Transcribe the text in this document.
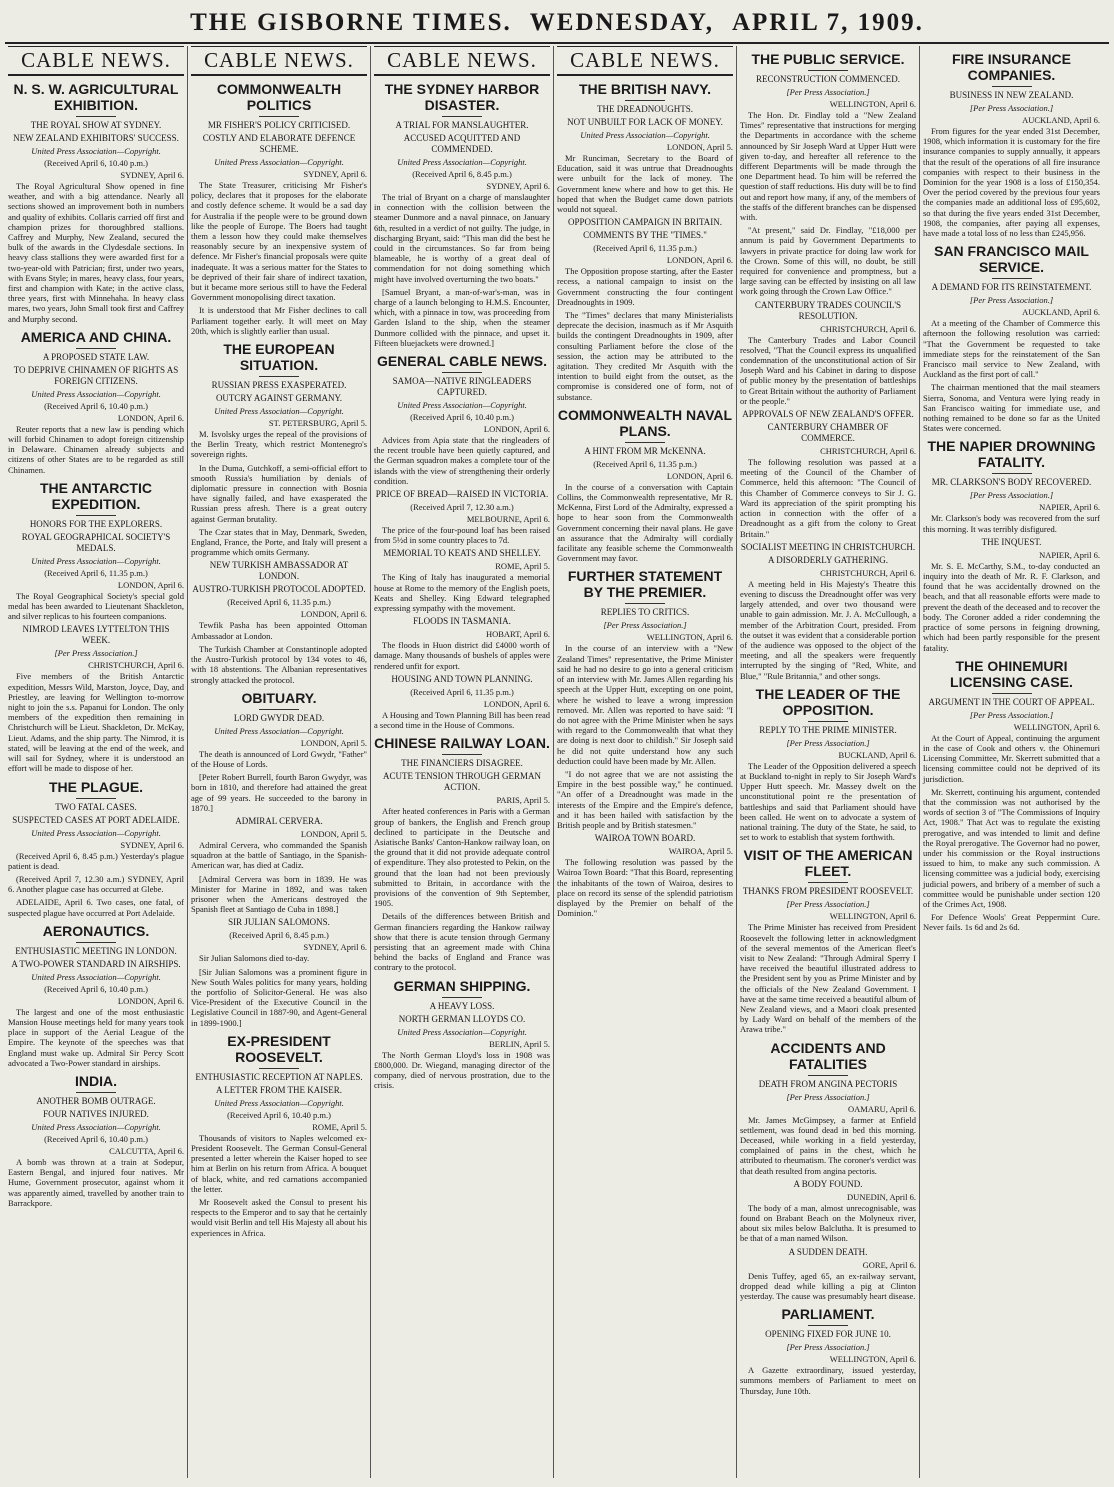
THE GISBORNE TIMES. WEDNESDAY, APRIL 7, 1909.
CABLE NEWS.
N. S. W. AGRICULTURAL EXHIBITION.
THE ROYAL SHOW AT SYDNEY.
NEW ZEALAND EXHIBITORS' SUCCESS.
United Press Association—Copyright.
(Received April 6, 10.40 p.m.)
SYDNEY, April 6.

The Royal Agricultural Show opened in fine weather, and with a big attendance. Nearly all sections showed an improvement both in numbers and quality of exhibits. Collaris carried off first and champion prizes for thoroughbred stallions. Caffrey and Murphy, New Zealand, secured the bulk of the awards in the Clydesdale sections. In heavy class stallions they were awarded first for a two-year-old with Patrician; first, under two years, with Evans Style; in mares, heavy class, four years, first and champion with Kate; in the active class, three years, first with Minnehaha. In heavy class mares, two years, John Small took first and Caffrey and Murphy second.

AMERICA AND CHINA.
A PROPOSED STATE LAW.
TO DEPRIVE CHINAMEN OF RIGHTS AS FOREIGN CITIZENS.
United Press Association—Copyright.
(Received April 6, 10.40 p.m.)
LONDON, April 6.

Reuter reports that a new law is pending which will forbid Chinamen to adopt foreign citizenship in Delaware. Chinamen already subjects and citizens of other States are to be regarded as still Chinamen.

THE ANTARCTIC EXPEDITION.
HONORS FOR THE EXPLORERS.
ROYAL GEOGRAPHICAL SOCIETY'S MEDALS.
United Press Association—Copyright.
(Received April 6, 11.35 p.m.)
LONDON, April 6.

The Royal Geographical Society's special gold medal has been awarded to Lieutenant Shackleton, and silver replicas to his fourteen companions.

NIMROD LEAVES LYTTELTON THIS WEEK.
[Per Press Association.]
CHRISTCHURCH, April 6.

Five members of the British Antarctic expedition, Messrs Wild, Marston, Joyce, Day, and Priestley, are leaving for Wellington to-morrow night to join the s.s. Papanui for London. The only members of the expedition then remaining in Christchurch will be Lieut. Shackleton, Dr. McKay, Lieut. Adams, and the ship party. The Nimrod, it is stated, will be leaving at the end of the week, and will sail for Sydney, where it is understood an effort will be made to dispose of her.

THE PLAGUE.
TWO FATAL CASES.
SUSPECTED CASES AT PORT ADELAIDE.
United Press Association—Copyright.
SYDNEY, April 6.

(Received April 6, 8.45 p.m.) Yesterday's plague patient is dead.

(Received April 7, 12.30 a.m.) SYDNEY, April 6. Another plague case has occurred at Glebe.

ADELAIDE, April 6. Two cases, one fatal, of suspected plague have occurred at Port Adelaide.

AERONAUTICS.
ENTHUSIASTIC MEETING IN LONDON.
A TWO-POWER STANDARD IN AIRSHIPS.
United Press Association—Copyright.
(Received April 6, 10.40 p.m.)
LONDON, April 6.

The largest and one of the most enthusiastic Mansion House meetings held for many years took place in support of the Aerial League of the Empire. The keynote of the speeches was that England must wake up. Admiral Sir Percy Scott advocated a Two-Power standard in airships.

INDIA.
ANOTHER BOMB OUTRAGE.
FOUR NATIVES INJURED.
United Press Association—Copyright.
(Received April 6, 10.40 p.m.)
CALCUTTA, April 6.

A bomb was thrown at a train at Sodepur, Eastern Bengal, and injured four natives. Mr Hume, Government prosecutor, against whom it was apparently aimed, travelled by another train to Barrackpore.

CABLE NEWS.
COMMONWEALTH POLITICS
MR FISHER'S POLICY CRITICISED.
COSTLY AND ELABORATE DEFENCE SCHEME.
United Press Association—Copyright.
SYDNEY, April 6.

The State Treasurer, criticising Mr Fisher's policy, declares that it proposes for the elaborate and costly defence scheme. It would be a sad day for Australia if the people were to be ground down like the people of Europe. The Boers had taught them a lesson how they could make themselves reasonably secure by an inexpensive system of defence. Mr Fisher's financial proposals were quite inadequate. It was a serious matter for the States to be deprived of their fair share of indirect taxation, but it became more serious still to have the Federal Government monopolising direct taxation.

It is understood that Mr Fisher declines to call Parliament together early. It will meet on May 20th, which is slightly earlier than usual.

THE EUROPEAN SITUATION.
RUSSIAN PRESS EXASPERATED.
OUTCRY AGAINST GERMANY.
United Press Association—Copyright.
ST. PETERSBURG, April 5.

M. Isvolsky urges the repeal of the provisions of the Berlin Treaty, which restrict Montenegro's sovereign rights.

In the Duma, Gutchkoff, a semi-official effort to smooth Russia's humiliation by denials of diplomatic pressure in connection with Bosnia have signally failed, and have exasperated the Russian press afresh. There is a great outcry against German brutality.

The Czar states that in May, Denmark, Sweden, England, France, the Porte, and Italy will present a programme which omits Germany.

NEW TURKISH AMBASSADOR AT LONDON.
AUSTRO-TURKISH PROTOCOL ADOPTED.
(Received April 6, 11.35 p.m.)
LONDON, April 6.

Tewfik Pasha has been appointed Ottoman Ambassador at London.

The Turkish Chamber at Constantinople adopted the Austro-Turkish protocol by 134 votes to 46, with 18 abstentions. The Albanian representatives strongly attacked the protocol.

OBITUARY.
LORD GWYDR DEAD.
United Press Association—Copyright.
LONDON, April 5.

The death is announced of Lord Gwydr, "Father" of the House of Lords.

[Peter Robert Burrell, fourth Baron Gwydyr, was born in 1810, and therefore had attained the great age of 99 years. He succeeded to the barony in 1870.]

ADMIRAL CERVERA.
LONDON, April 5.

Admiral Cervera, who commanded the Spanish squadron at the battle of Santiago, in the Spanish-American war, has died at Cadiz.

[Admiral Cervera was born in 1839. He was Minister for Marine in 1892, and was taken prisoner when the Americans destroyed the Spanish fleet at Santiago de Cuba in 1898.]

SIR JULIAN SALOMONS.
(Received April 6, 8.45 p.m.)
SYDNEY, April 6.

Sir Julian Salomons died to-day.

[Sir Julian Salomons was a prominent figure in New South Wales politics for many years, holding the portfolio of Solicitor-General. He was also Vice-President of the Executive Council in the Legislative Council in 1887-90, and Agent-General in 1899-1900.]

EX-PRESIDENT ROOSEVELT.
ENTHUSIASTIC RECEPTION AT NAPLES.
A LETTER FROM THE KAISER.
United Press Association—Copyright.
(Received April 6, 10.40 p.m.)
ROME, April 5.

Thousands of visitors to Naples welcomed ex-President Roosevelt. The German Consul-General presented a letter wherein the Kaiser hoped to see him at Berlin on his return from Africa. A bouquet of black, white, and red carnations accompanied the letter.

Mr Roosevelt asked the Consul to present his respects to the Emperor and to say that he certainly would visit Berlin and tell His Majesty all about his experiences in Africa.

CABLE NEWS.
THE SYDNEY HARBOR DISASTER.
A TRIAL FOR MANSLAUGHTER.
ACCUSED ACQUITTED AND COMMENDED.
United Press Association—Copyright.
(Received April 6, 8.45 p.m.)
SYDNEY, April 6.

The trial of Bryant on a charge of manslaughter in connection with the collision between the steamer Dunmore and a naval pinnace, on January 6th, resulted in a verdict of not guilty. The judge, in discharging Bryant, said: "This man did the best he could in the circumstances. So far from being blameable, he is worthy of a great deal of commendation for not doing something which might have involved overturning the two boats."

[Samuel Bryant, a man-of-war's-man, was in charge of a launch belonging to H.M.S. Encounter, which, with a pinnace in tow, was proceeding from Garden Island to the ship, when the steamer Dunmore collided with the pinnace, and upset it. Fifteen bluejackets were drowned.]

GENERAL CABLE NEWS.
SAMOA—NATIVE RINGLEADERS CAPTURED.
United Press Association—Copyright.
(Received April 6, 10.40 p.m.)
LONDON, April 6.

Advices from Apia state that the ringleaders of the recent trouble have been quietly captured, and the German squadron makes a complete tour of the islands with the view of strengthening their orderly condition.

PRICE OF BREAD—RAISED IN VICTORIA.
(Received April 7, 12.30 a.m.)
MELBOURNE, April 6.

The price of the four-pound loaf has been raised from 5½d in some country places to 7d.

MEMORIAL TO KEATS AND SHELLEY.
ROME, April 5.

The King of Italy has inaugurated a memorial house at Rome to the memory of the English poets, Keats and Shelley. King Edward telegraphed expressing sympathy with the movement.

FLOODS IN TASMANIA.
HOBART, April 6.

The floods in Huon district did £4000 worth of damage. Many thousands of bushels of apples were rendered unfit for export.

HOUSING AND TOWN PLANNING.
(Received April 6, 11.35 p.m.)
LONDON, April 6.

A Housing and Town Planning Bill has been read a second time in the House of Commons.

CHINESE RAILWAY LOAN.
THE FINANCIERS DISAGREE.
ACUTE TENSION THROUGH GERMAN ACTION.
PARIS, April 5.

After heated conferences in Paris with a German group of bankers, the English and French group declined to participate in the Deutsche and Asiatische Banks' Canton-Hankow railway loan, on the ground that it did not provide adequate control of expenditure. They also protested to Pekin, on the ground that the loan had not been previously submitted to Britain, in accordance with the provisions of the convention of 9th September, 1905.

Details of the differences between British and German financiers regarding the Hankow railway show that there is acute tension through Germany persisting that an agreement made with China behind the backs of England and France was contrary to the protocol.

GERMAN SHIPPING.
A HEAVY LOSS.
NORTH GERMAN LLOYDS CO.
United Press Association—Copyright.
BERLIN, April 5.

The North German Lloyd's loss in 1908 was £800,000. Dr. Wiegand, managing director of the company, died of nervous prostration, due to the crisis.

CABLE NEWS.
THE BRITISH NAVY.
THE DREADNOUGHTS.
NOT UNBUILT FOR LACK OF MONEY.
United Press Association—Copyright.
LONDON, April 5.

Mr Runciman, Secretary to the Board of Education, said it was untrue that Dreadnoughts were unbuilt for the lack of money. The Government knew where and how to get this. He hoped that when the Budget came down patriots would not squeal.

OPPOSITION CAMPAIGN IN BRITAIN.
COMMENTS BY THE "TIMES."
(Received April 6, 11.35 p.m.)
LONDON, April 6.

The Opposition propose starting, after the Easter recess, a national campaign to insist on the Government constructing the four contingent Dreadnoughts in 1909.

The "Times" declares that many Ministerialists deprecate the decision, inasmuch as if Mr Asquith builds the contingent Dreadnoughts in 1909, after consulting Parliament before the close of the session, the action may be attributed to the agitation. They credited Mr Asquith with the intention to build eight from the outset, as the compromise is considered one of form, not of substance.

COMMONWEALTH NAVAL PLANS.
A HINT FROM MR McKENNA.
(Received April 6, 11.35 p.m.)
LONDON, April 6.

In the course of a conversation with Captain Collins, the Commonwealth representative, Mr R. McKenna, First Lord of the Admiralty, expressed a hope to hear soon from the Commonwealth Government concerning their naval plans. He gave an assurance that the Admiralty will cordially facilitate any feasible scheme the Commonwealth Government may favor.

FURTHER STATEMENT BY THE PREMIER.
REPLIES TO CRITICS.
[Per Press Association.]
WELLINGTON, April 6.

In the course of an interview with a "New Zealand Times" representative, the Prime Minister said he had no desire to go into a general criticism of an interview with Mr. James Allen regarding his speech at the Upper Hutt, excepting on one point, where he wished to leave a wrong impression removed. Mr. Allen was reported to have said: "I do not agree with the Prime Minister when he says with regard to the Commonwealth that what they are doing is next door to childish." Sir Joseph said he did not quite understand how any such deduction could have been made by Mr. Allen.

"I do not agree that we are not assisting the Empire in the best possible way," he continued. "An offer of a Dreadnought was made in the interests of the Empire and the Empire's defence, and it has been hailed with satisfaction by the British people and by British statesmen."

WAIROA TOWN BOARD.
WAIROA, April 5.

The following resolution was passed by the Wairoa Town Board: "That this Board, representing the inhabitants of the town of Wairoa, desires to place on record its sense of the splendid patriotism displayed by the Premier on behalf of the Dominion."

THE PUBLIC SERVICE.
RECONSTRUCTION COMMENCED.
[Per Press Association.]
WELLINGTON, April 6.

The Hon. Dr. Findlay told a "New Zealand Times" representative that instructions for merging the Departments in accordance with the scheme announced by Sir Joseph Ward at Upper Hutt were given to-day, and hereafter all reference to the different Departments will be made through the one Department head. To him will be referred the question of staff reductions. His duty will be to find out and report how many, if any, of the members of the staffs of the different branches can be dispensed with.

"At present," said Dr. Findlay, "£18,000 per annum is paid by Government Departments to lawyers in private practice for doing law work for the Crown. Some of this will, no doubt, be still required for convenience and promptness, but a large saving can be effected by insisting on all law work going through the Crown Law Office."

CANTERBURY TRADES COUNCIL'S RESOLUTION.
CHRISTCHURCH, April 6.

The Canterbury Trades and Labor Council resolved, "That the Council express its unqualified condemnation of the unconstitutional action of Sir Joseph Ward and his Cabinet in daring to dispose of public money by the presentation of battleships to Great Britain without the authority of Parliament or the people."

APPROVALS OF NEW ZEALAND'S OFFER.
CANTERBURY CHAMBER OF COMMERCE.
CHRISTCHURCH, April 6.

The following resolution was passed at a meeting of the Council of the Chamber of Commerce, held this afternoon: "The Council of this Chamber of Commerce conveys to Sir J. G. Ward its appreciation of the spirit prompting his action in connection with the offer of a Dreadnought as a gift from the colony to Great Britain."

SOCIALIST MEETING IN CHRISTCHURCH.
A DISORDERLY GATHERING.
CHRISTCHURCH, April 6.

A meeting held in His Majesty's Theatre this evening to discuss the Dreadnought offer was very largely attended, and over two thousand were unable to gain admission. Mr. J. A. McCullough, a member of the Arbitration Court, presided. From the outset it was evident that a considerable portion of the audience was opposed to the object of the meeting, and all the speakers were frequently interrupted by the singing of "Red, White, and Blue," "Rule Britannia," and other songs.

THE LEADER OF THE OPPOSITION.
REPLY TO THE PRIME MINISTER.
[Per Press Association.]
BUCKLAND, April 6.

The Leader of the Opposition delivered a speech at Buckland to-night in reply to Sir Joseph Ward's Upper Hutt speech. Mr. Massey dwelt on the unconstitutional point re the presentation of battleships and said that Parliament should have been called. He went on to advocate a system of national training. The duty of the State, he said, to set to work to establish that system forthwith.

VISIT OF THE AMERICAN FLEET.
THANKS FROM PRESIDENT ROOSEVELT.
[Per Press Association.]
WELLINGTON, April 6.

The Prime Minister has received from President Roosevelt the following letter in acknowledgment of the several mementos of the American fleet's visit to New Zealand: "Through Admiral Sperry I have received the beautiful illustrated address to the President sent by you as Prime Minister and by the officials of the New Zealand Government. I have at the same time received a beautiful album of New Zealand views, and a Maori cloak presented by Lady Ward on behalf of the members of the Arawa tribe."

ACCIDENTS AND FATALITIES
DEATH FROM ANGINA PECTORIS
[Per Press Association.]
OAMARU, April 6.

Mr. James McGimpsey, a farmer at Enfield settlement, was found dead in bed this morning. Deceased, while working in a field yesterday, complained of pains in the chest, which he attributed to rheumatism. The coroner's verdict was that death resulted from angina pectoris.

A BODY FOUND.
DUNEDIN, April 6.

The body of a man, almost unrecognisable, was found on Brabant Beach on the Molyneux river, about six miles below Balclutha. It is presumed to be that of a man named Wilson.

A SUDDEN DEATH.
GORE, April 6.

Denis Tuffey, aged 65, an ex-railway servant, dropped dead while killing a pig at Clinton yesterday. The cause was presumably heart disease.

PARLIAMENT.
OPENING FIXED FOR JUNE 10.
[Per Press Association.]
WELLINGTON, April 6.

A Gazette extraordinary, issued yesterday, summons members of Parliament to meet on Thursday, June 10th.

FIRE INSURANCE COMPANIES.
BUSINESS IN NEW ZEALAND.
[Per Press Association.]
AUCKLAND, April 6.

From figures for the year ended 31st December, 1908, which information it is customary for the fire insurance companies to supply annually, it appears that the result of the operations of all fire insurance companies with respect to their business in the Dominion for the year 1908 is a loss of £150,354. Over the period covered by the previous four years the companies made an additional loss of £95,602, so that during the five years ended 31st December, 1908, the companies, after paying all expenses, have made a total loss of no less than £245,956.

SAN FRANCISCO MAIL SERVICE.
A DEMAND FOR ITS REINSTATEMENT.
[Per Press Association.]
AUCKLAND, April 6.

At a meeting of the Chamber of Commerce this afternoon the following resolution was carried: "That the Government be requested to take immediate steps for the reinstatement of the San Francisco mail service to New Zealand, with Auckland as the first port of call."

The chairman mentioned that the mail steamers Sierra, Sonoma, and Ventura were lying ready in San Francisco waiting for immediate use, and nothing remained to be done so far as the United States were concerned.

THE NAPIER DROWNING FATALITY.
MR. CLARKSON'S BODY RECOVERED.
[Per Press Association.]
NAPIER, April 6.

Mr. Clarkson's body was recovered from the surf this morning. It was terribly disfigured.

THE INQUEST.
NAPIER, April 6.

Mr. S. E. McCarthy, S.M., to-day conducted an inquiry into the death of Mr. R. F. Clarkson, and found that he was accidentally drowned on the beach, and that all reasonable efforts were made to prevent the death of the deceased and to recover the body. The Coroner added a rider condemning the practice of some persons in feigning drowning, which had been partly responsible for the present fatality.

THE OHINEMURI LICENSING CASE.
ARGUMENT IN THE COURT OF APPEAL.
[Per Press Association.]
WELLINGTON, April 6.

At the Court of Appeal, continuing the argument in the case of Cook and others v. the Ohinemuri Licensing Committee, Mr. Skerrett submitted that a licensing committee could not be deprived of its jurisdiction.

Mr. Skerrett, continuing his argument, contended that the commission was not authorised by the words of section 3 of "The Commissions of Inquiry Act, 1908." That Act was to regulate the existing prerogative, and was intended to limit and define the Royal prerogative. The Governor had no power, under his commission or the Royal instructions issued to him, to make any such commission. A licensing committee was a judicial body, exercising judicial powers, and bribery of a member of such a committee would be punishable under section 120 of the Crimes Act, 1908.

For Defence Wools' Great Peppermint Cure. Never fails. 1s 6d and 2s 6d.
